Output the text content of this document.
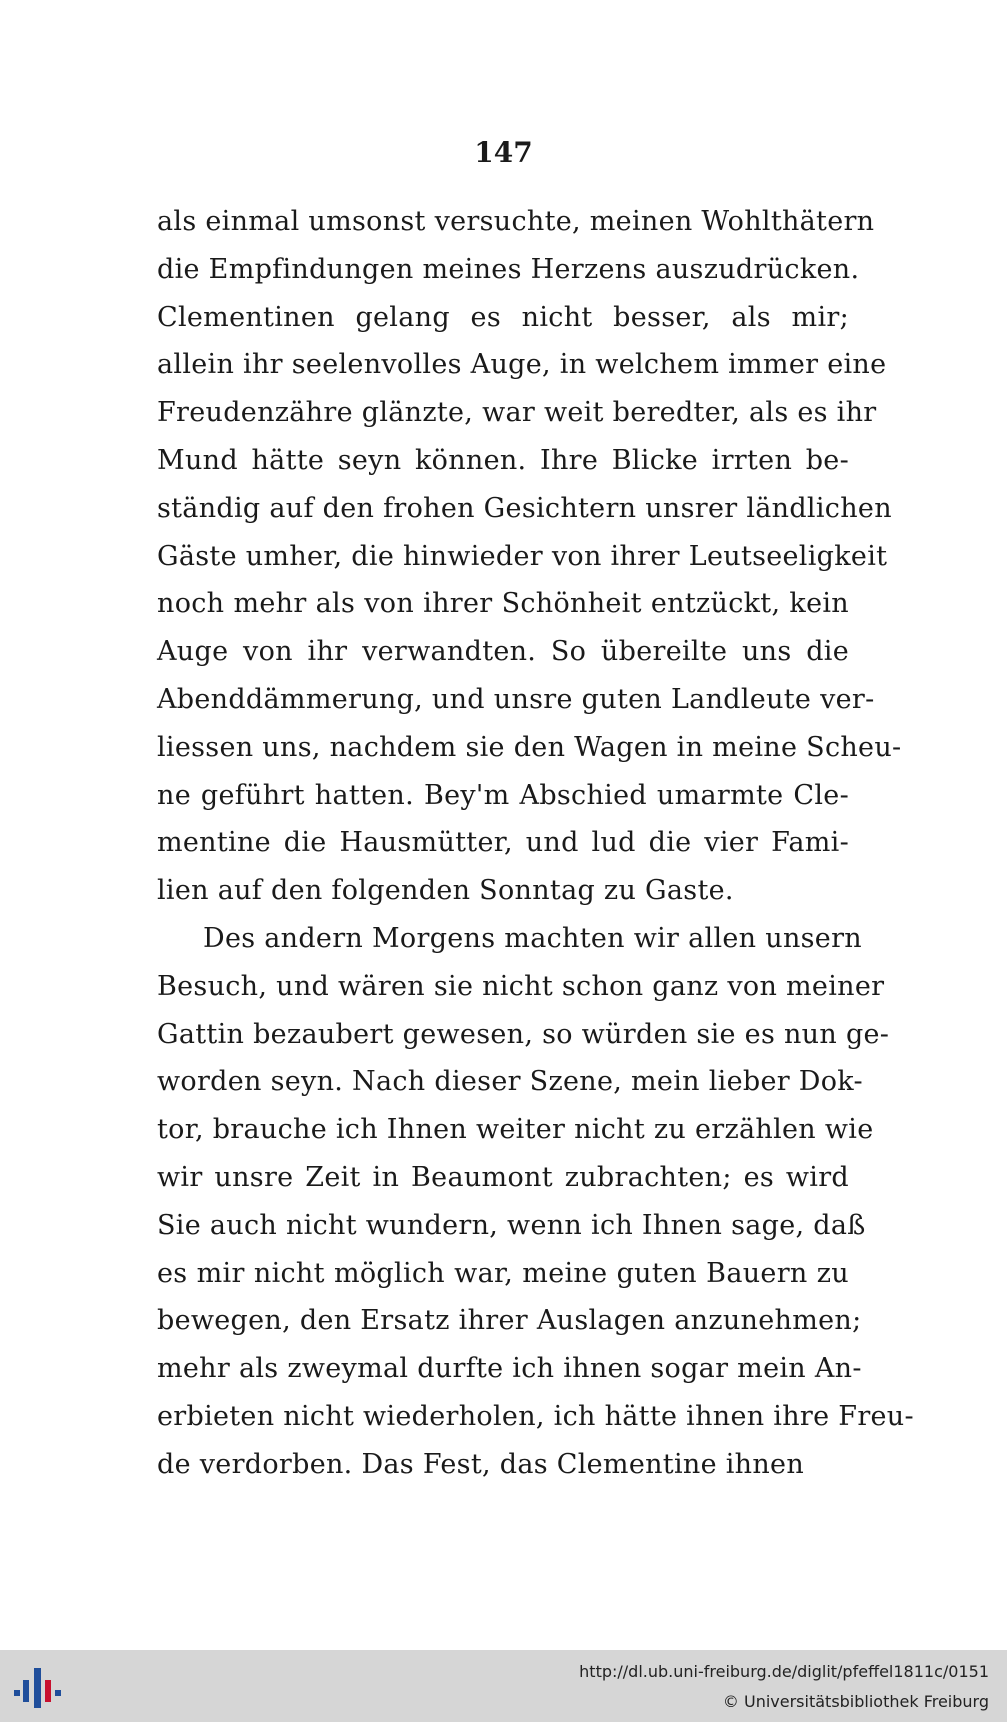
147
als einmal umsonst versuchte, meinen Wohlthätern
die Empfindungen meines Herzens auszudrücken.
Clementinen gelang es nicht besser, als mir;
allein ihr seelenvolles Auge, in welchem immer eine
Freudenzähre glänzte, war weit beredter, als es ihr
Mund hätte seyn können. Ihre Blicke irrten be-
ständig auf den frohen Gesichtern unsrer ländlichen
Gäste umher, die hinwieder von ihrer Leutseeligkeit
noch mehr als von ihrer Schönheit entzückt, kein
Auge von ihr verwandten. So übereilte uns die
Abenddämmerung, und unsre guten Landleute ver-
liessen uns, nachdem sie den Wagen in meine Scheu-
ne geführt hatten. Bey'm Abschied umarmte Cle-
mentine die Hausmütter, und lud die vier Fami-
lien auf den folgenden Sonntag zu Gaste.
Des andern Morgens machten wir allen unsern
Besuch, und wären sie nicht schon ganz von meiner
Gattin bezaubert gewesen, so würden sie es nun ge-
worden seyn. Nach dieser Szene, mein lieber Dok-
tor, brauche ich Ihnen weiter nicht zu erzählen wie
wir unsre Zeit in Beaumont zubrachten; es wird
Sie auch nicht wundern, wenn ich Ihnen sage, daß
es mir nicht möglich war, meine guten Bauern zu
bewegen, den Ersatz ihrer Auslagen anzunehmen;
mehr als zweymal durfte ich ihnen sogar mein An-
erbieten nicht wiederholen, ich hätte ihnen ihre Freu-
de verdorben. Das Fest, das Clementine ihnen
http://dl.ub.uni-freiburg.de/diglit/pfeffel1811c/0151
© Universitätsbibliothek Freiburg
